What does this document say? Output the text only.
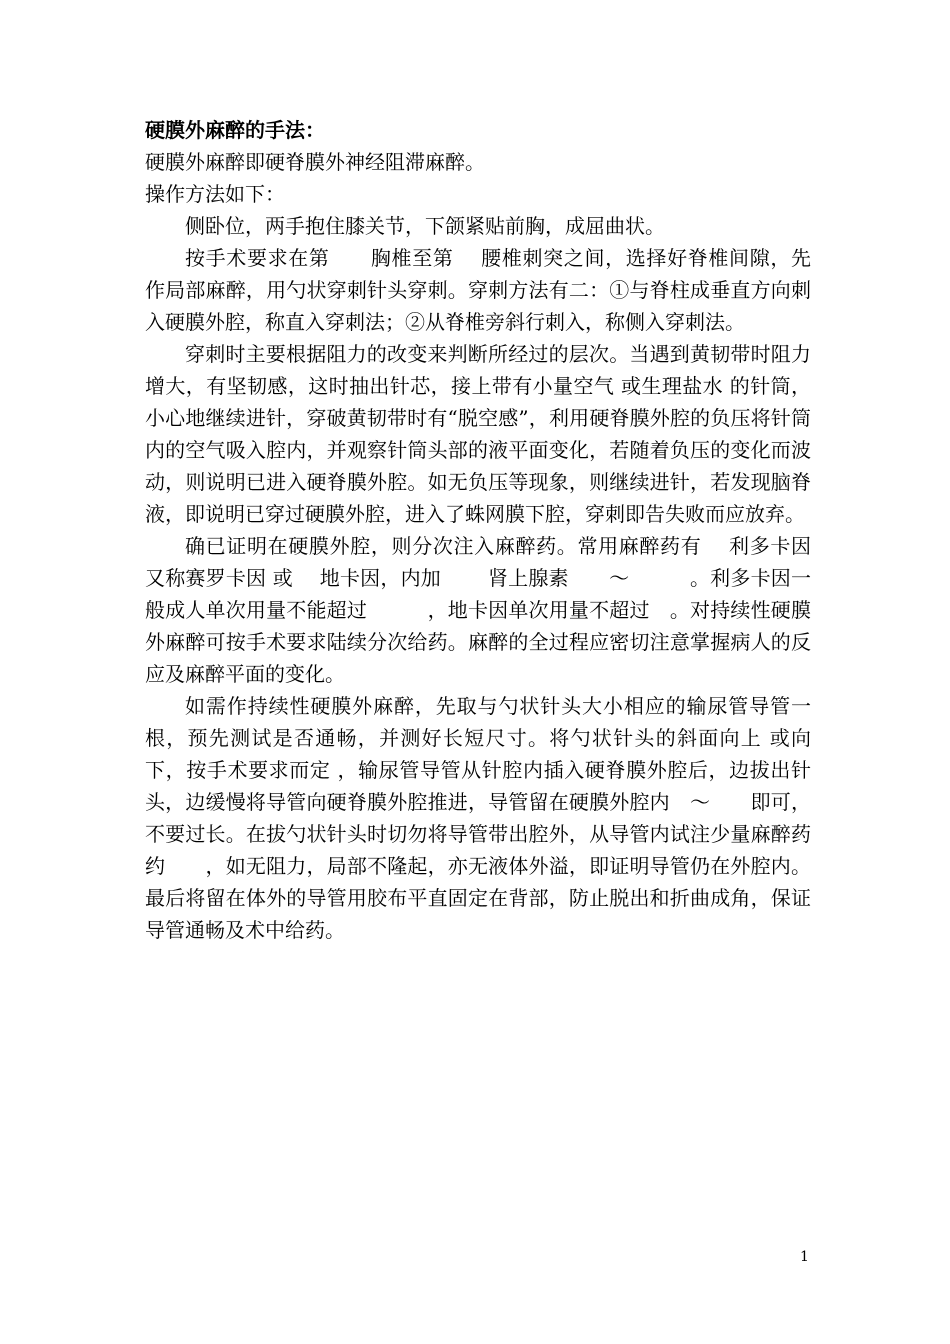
硬膜外麻醉的手法：

硬膜外麻醉即硬脊膜外神经阻滞麻醉。

操作方法如下：

侧卧位，两手抱住膝关节，下颌紧贴前胸，成屈曲状。

按手术要求在第　　胸椎至第　 腰椎刺突之间，选择好脊椎间隙，先作局部麻醉，用勺状穿刺针头穿刺。穿刺方法有二：①与脊柱成垂直方向刺入硬膜外腔，称直入穿刺法；②从脊椎旁斜行刺入，称侧入穿刺法。

穿刺时主要根据阻力的改变来判断所经过的层次。当遇到黄韧带时阻力增大，有坚韧感，这时抽出针芯，接上带有小量空气 或生理盐水 的针筒，小心地继续进针，穿破黄韧带时有“脱空感”，利用硬脊膜外腔的负压将针筒内的空气吸入腔内，并观察针筒头部的液平面变化，若随着负压的变化而波动，则说明已进入硬脊膜外腔。如无负压等现象，则继续进针，若发现脑脊液，即说明已穿过硬膜外腔，进入了蛛网膜下腔，穿刺即告失败而应放弃。

确已证明在硬膜外腔，则分次注入麻醉药。常用麻醉药有　 利多卡因 又称赛罗卡因 或　 地卡因，内加　　 肾上腺素　　～　　　。利多卡因一般成人单次用量不能超过　　　，地卡因单次用量不超过　。对持续性硬膜外麻醉可按手术要求陆续分次给药。麻醉的全过程应密切注意掌握病人的反应及麻醉平面的变化。

如需作持续性硬膜外麻醉，先取与勺状针头大小相应的输尿管导管一根，预先测试是否通畅，并测好长短尺寸。将勺状针头的斜面向上 或向下，按手术要求而定 ，输尿管导管从针腔内插入硬脊膜外腔后，边拔出针头，边缓慢将导管向硬脊膜外腔推进，导管留在硬膜外腔内　～　　即可，不要过长。在拔勺状针头时切勿将导管带出腔外，从导管内试注少量麻醉药约　　，如无阻力，局部不隆起，亦无液体外溢，即证明导管仍在外腔内。最后将留在体外的导管用胶布平直固定在背部，防止脱出和折曲成角，保证导管通畅及术中给药。

1
